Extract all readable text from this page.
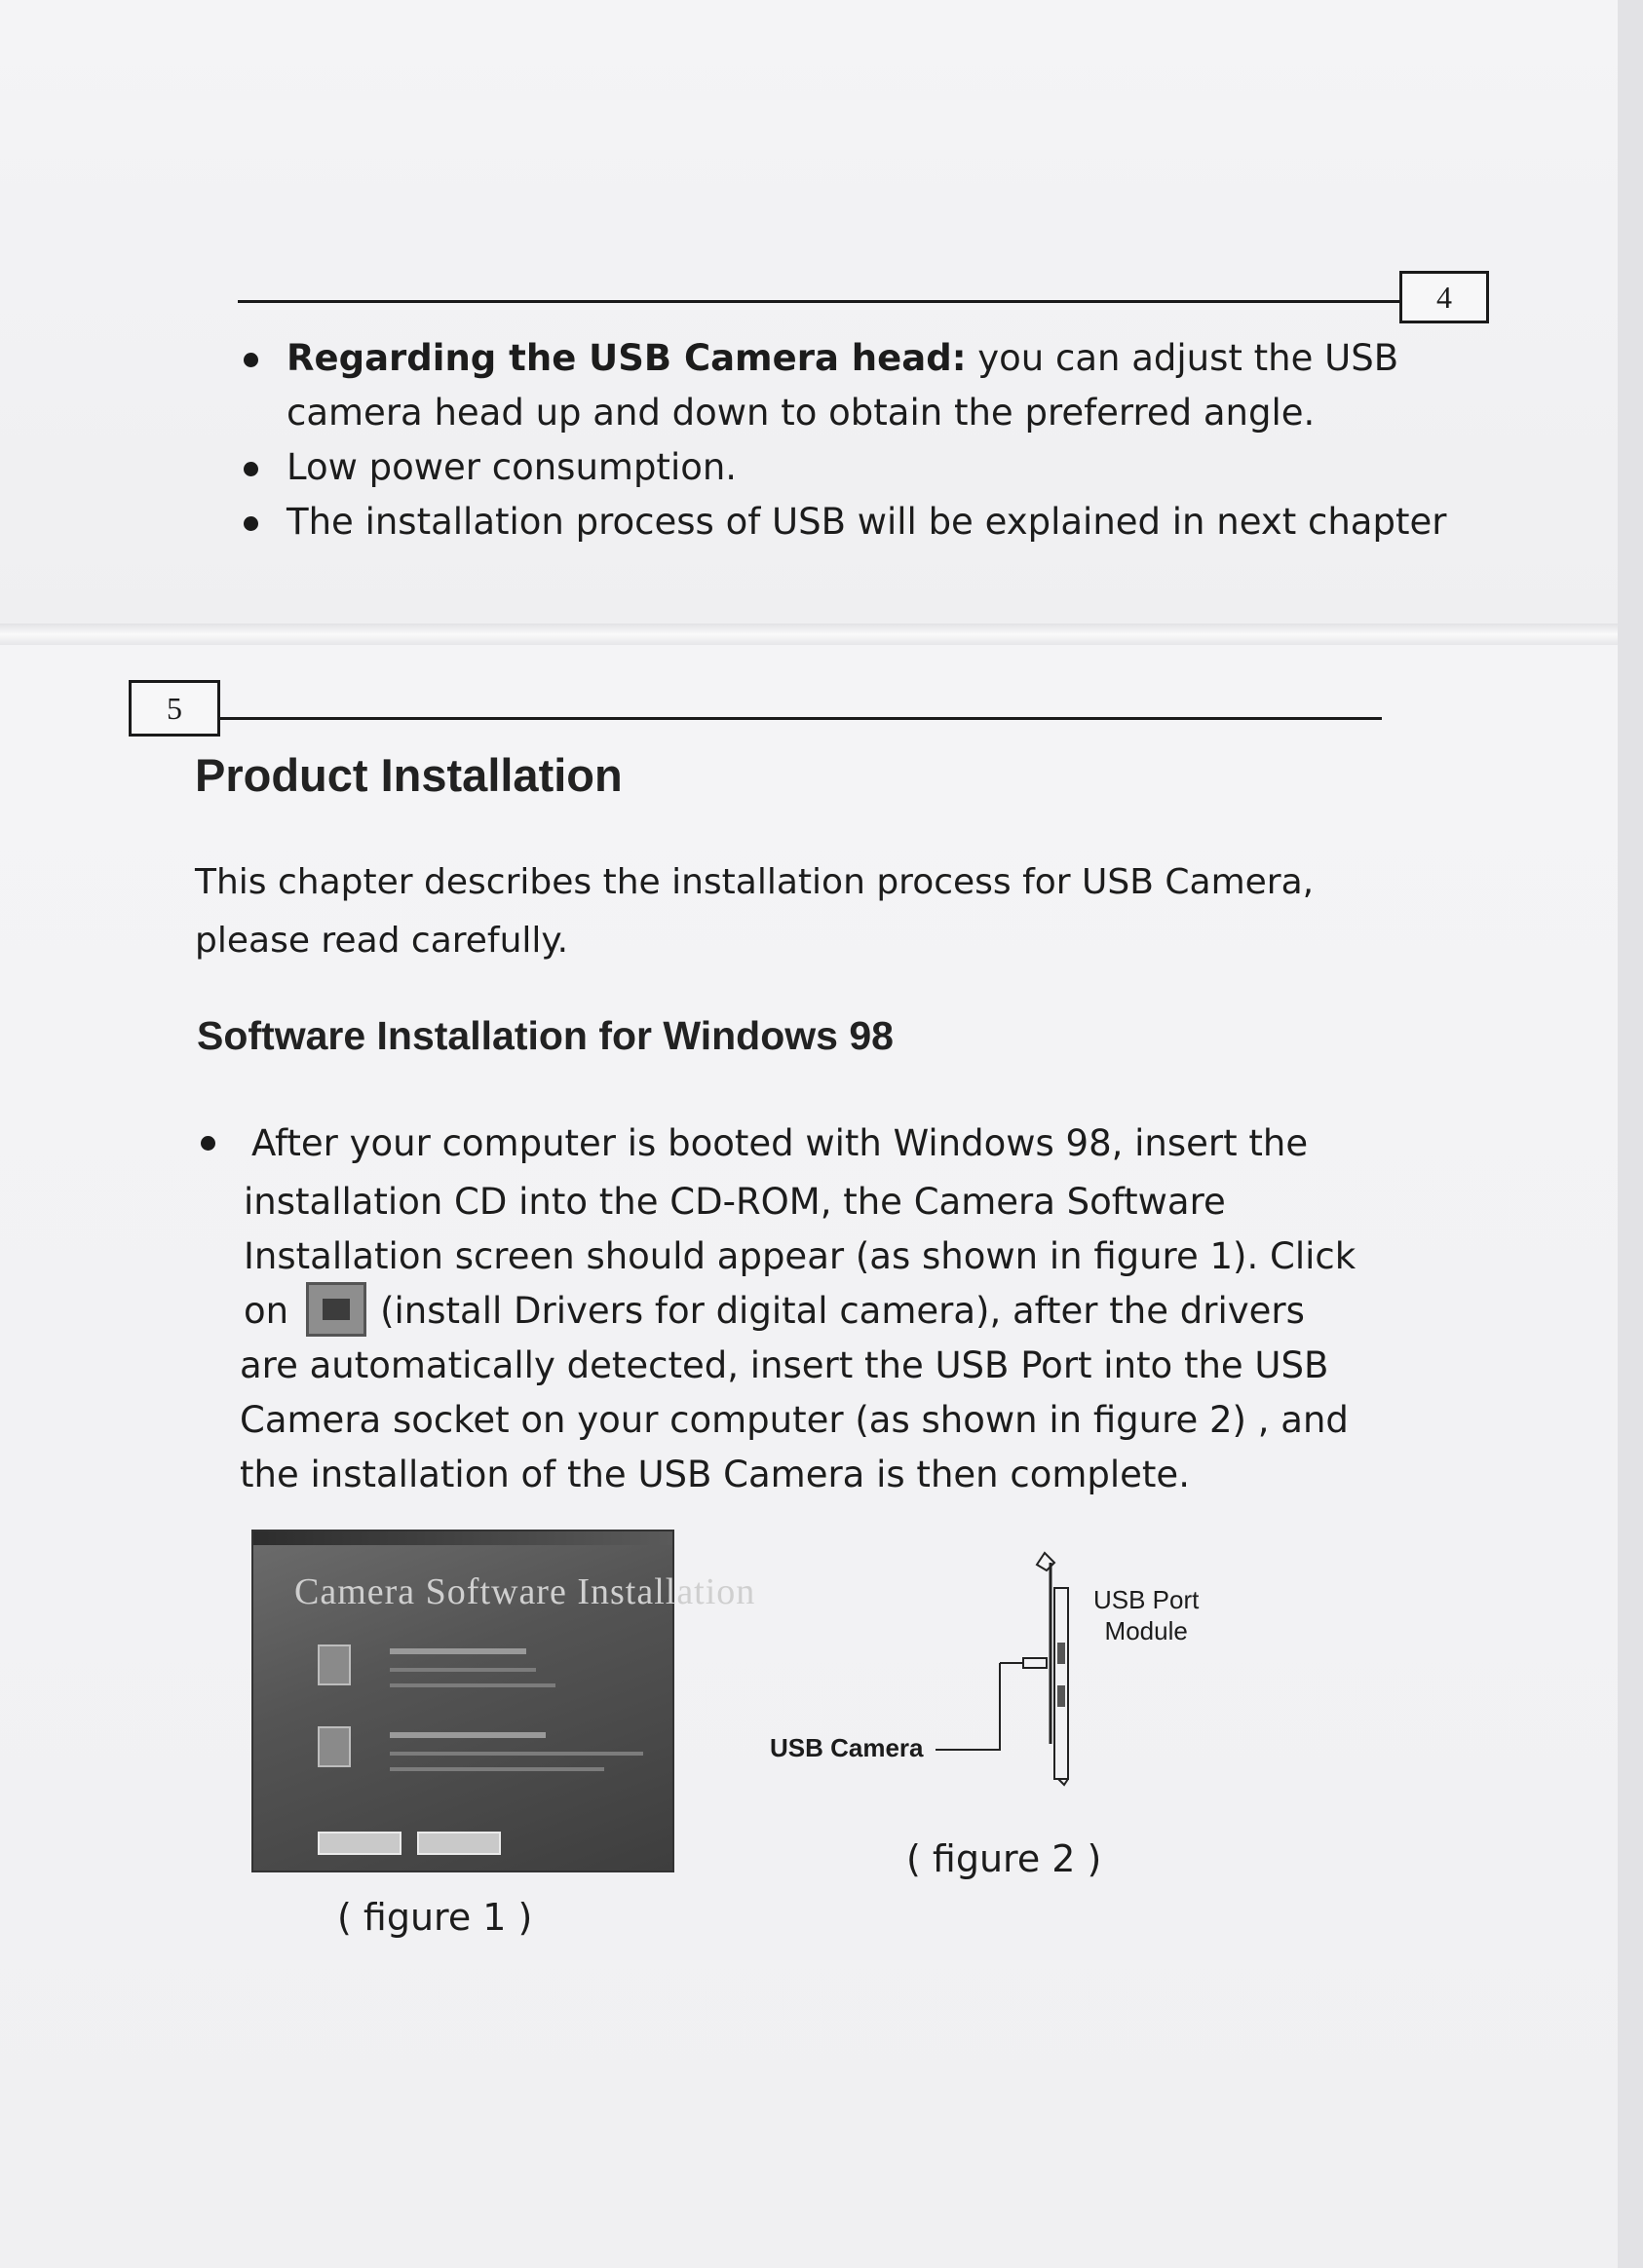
4
Regarding the USB Camera head: you can adjust the USB
camera head up and down to obtain the preferred angle.
Low power consumption.
The installation process of USB will be explained in next chapter
5
Product Installation
This chapter describes the installation process for USB Camera,
please read carefully.
Software Installation for Windows 98
After your computer is booted with Windows 98, insert the
installation CD into the CD-ROM, the Camera Software
Installation screen should appear (as shown in figure 1). Click
on	(install Drivers for digital camera), after the drivers
are automatically detected, insert the USB Port into the USB
Camera socket on your computer (as shown in figure 2) , and
the installation of the USB Camera is then complete.
Camera Software Installation
( figure 1 )
USB Port
Module
USB Camera
( figure 2 )
